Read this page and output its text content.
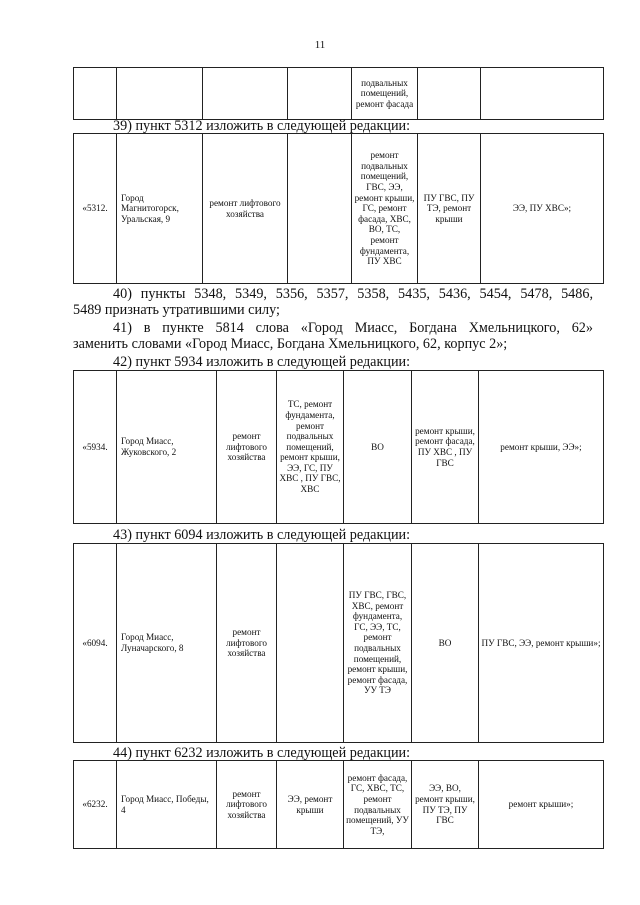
11
				подвальных помещений, ремонт фасада		
39) пункт 5312 изложить в следующей редакции:
«5312.	Город Магнитогорск, Уральская, 9	ремонт лифтового хозяйства		ремонт подвальных помещений, ГВС, ЭЭ, ремонт крыши, ГС, ремонт фасада, ХВС, ВО, ТС, ремонт фундамента, ПУ ХВС	ПУ ГВС, ПУ ТЭ, ремонт крыши	ЭЭ, ПУ ХВС»;
40) пункты 5348, 5349, 5356, 5357, 5358, 5435, 5436, 5454, 5478, 5486,
5489 признать утратившими силу;
41) в пункте 5814 слова «Город Миасс, Богдана Хмельницкого, 62»
заменить словами «Город Миасс, Богдана Хмельницкого, 62, корпус 2»;
42) пункт 5934 изложить в следующей редакции:
«5934.	Город Миасс, Жуковского, 2	ремонт лифтового хозяйства	ТС, ремонт фундамента, ремонт подвальных помещений, ремонт крыши, ЭЭ, ГС, ПУ ХВС , ПУ ГВС, ХВС	ВО	ремонт крыши, ремонт фасада, ПУ ХВС , ПУ ГВС	ремонт крыши, ЭЭ»;
43) пункт 6094 изложить в следующей редакции:
«6094.	Город Миасс, Луначарского, 8	ремонт лифтового хозяйства		ПУ ГВС, ГВС, ХВС, ремонт фундамента, ГС, ЭЭ, ТС, ремонт подвальных помещений, ремонт крыши, ремонт фасада, УУ ТЭ	ВО	ПУ ГВС, ЭЭ, ремонт крыши»;
44) пункт 6232 изложить в следующей редакции:
«6232.	Город Миасс, Победы, 4	ремонт лифтового хозяйства	ЭЭ, ремонт крыши	ремонт фасада, ГС, ХВС, ТС, ремонт подвальных помещений, УУ ТЭ,	ЭЭ, ВО, ремонт крыши, ПУ ТЭ, ПУ ГВС	ремонт крыши»;
